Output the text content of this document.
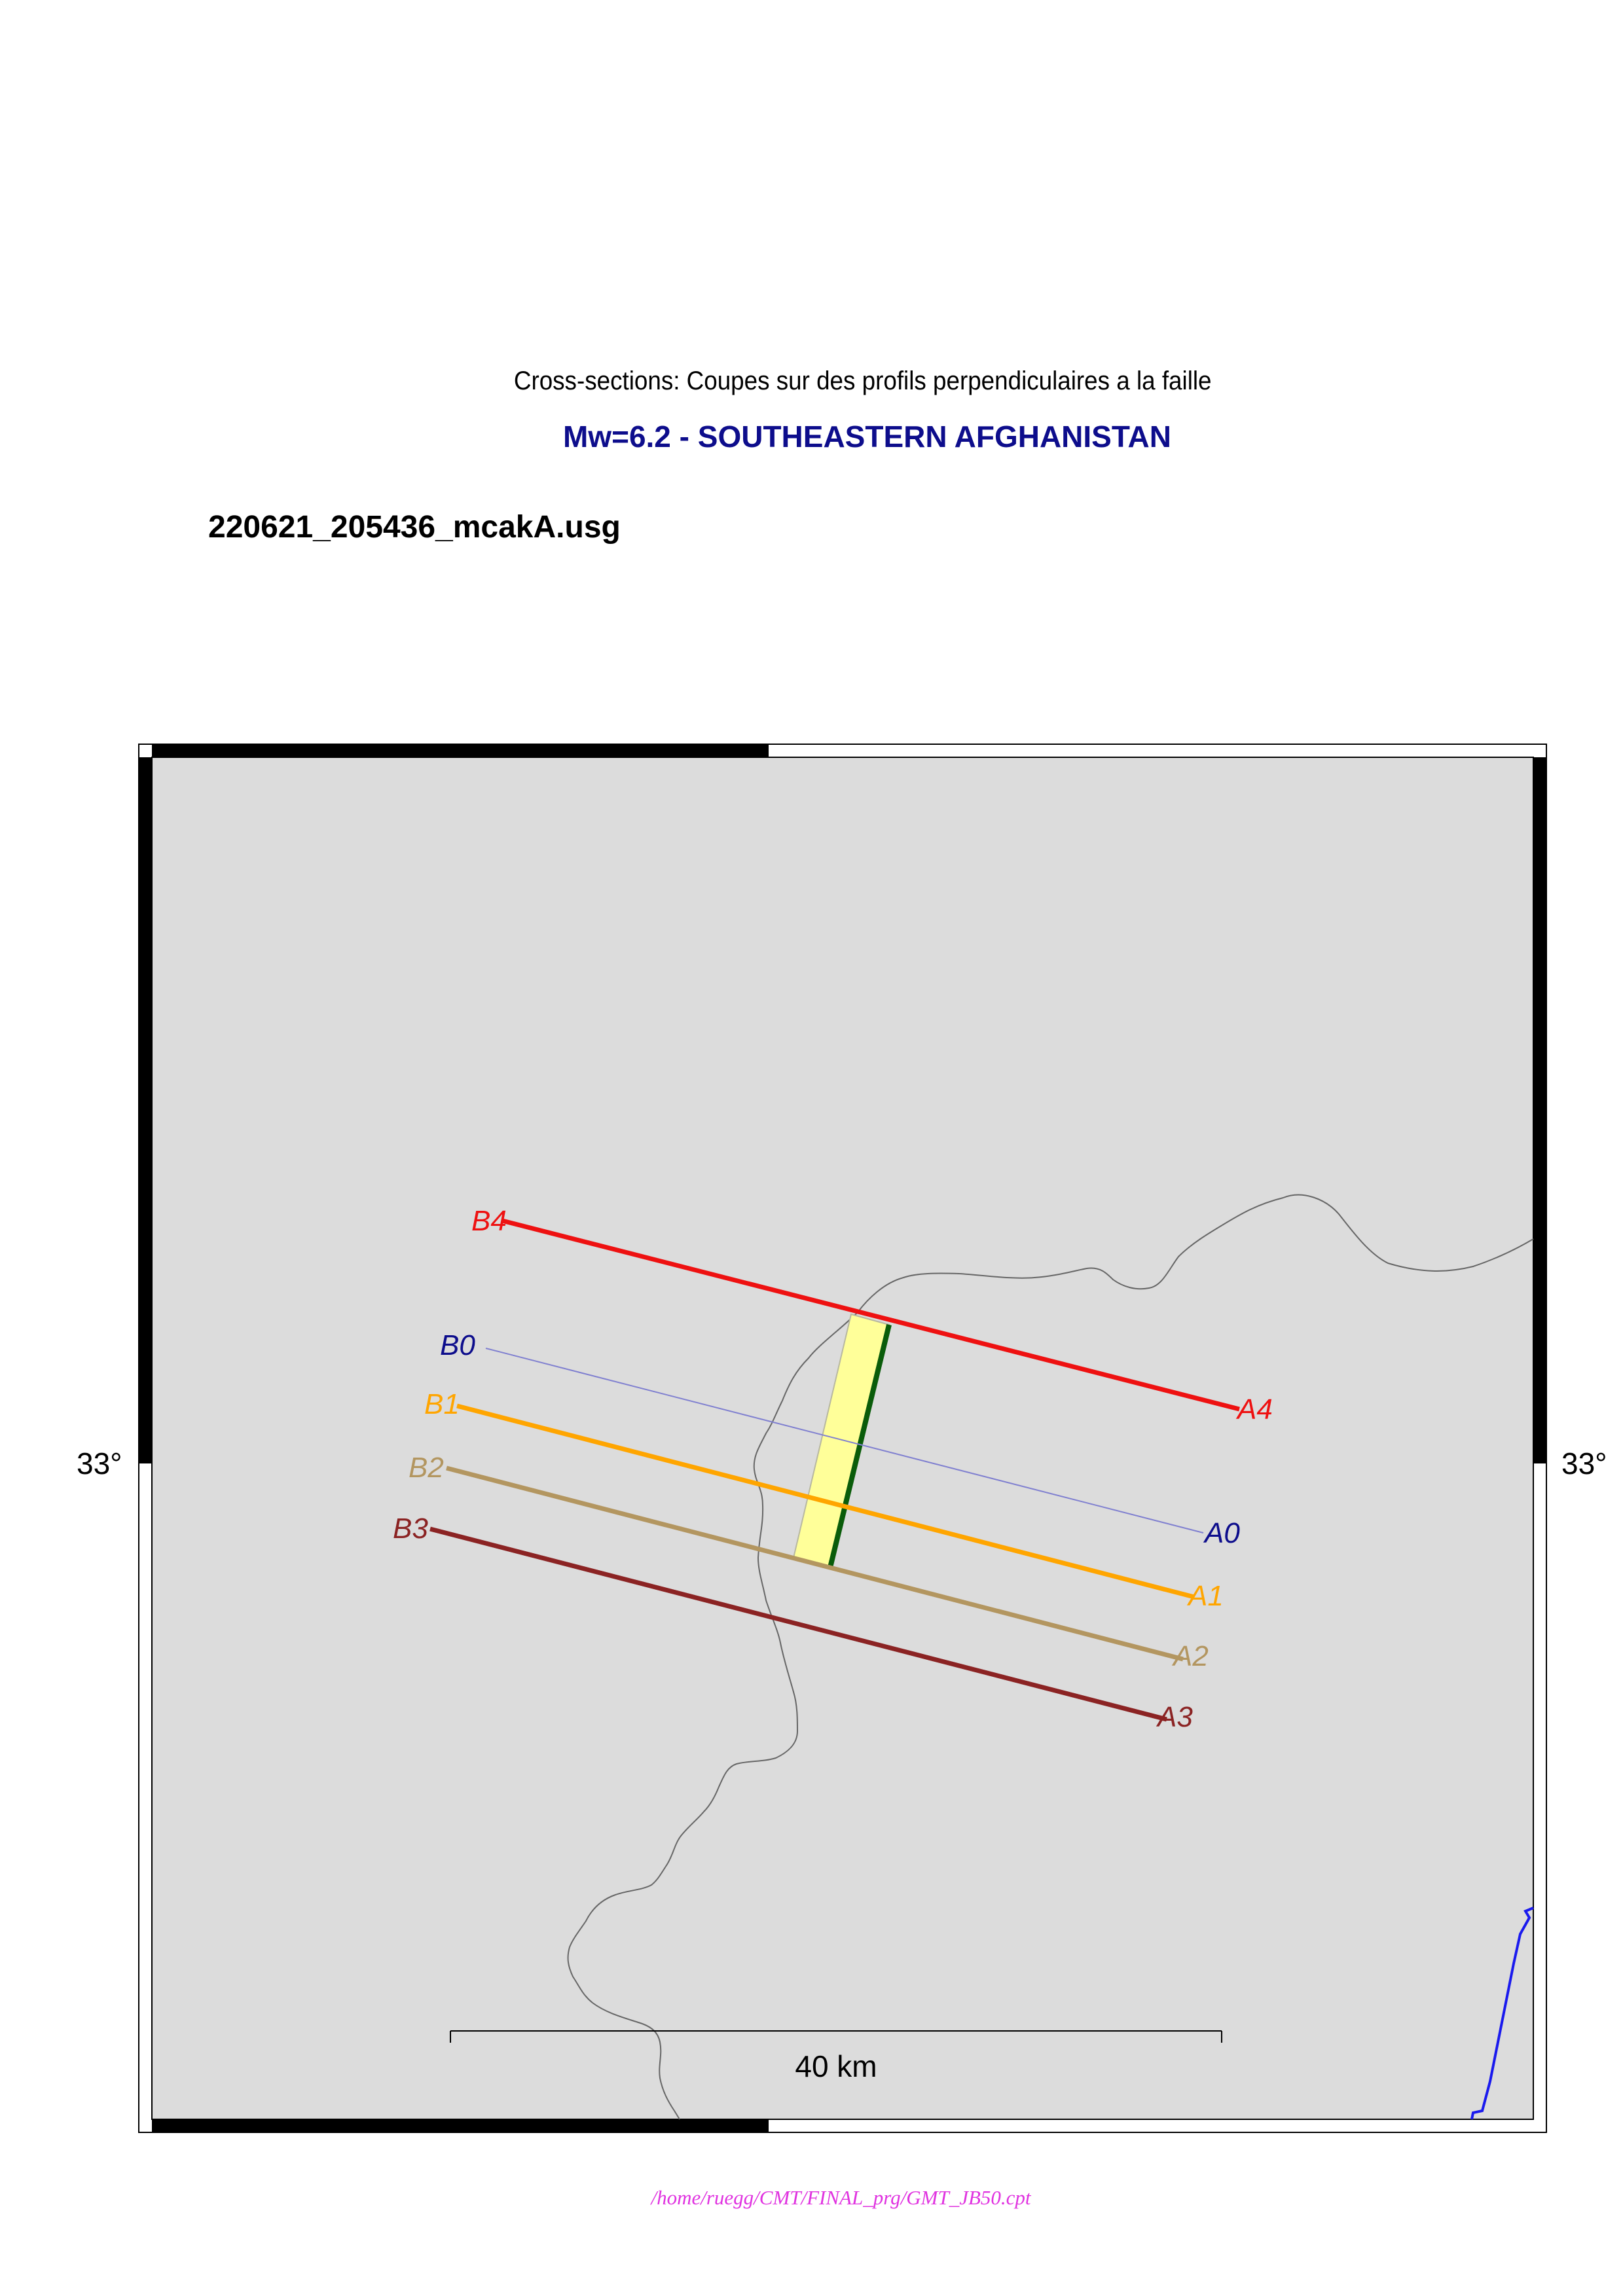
Cross-sections: Coupes sur des profils perpendiculaires a la faille
Mw=6.2 - SOUTHEASTERN AFGHANISTAN
220621_205436_mcakA.usg
B4
A4
B0
A0
B1
A1
B2
A2
B3
A3
33°	33°
40 km
/home/ruegg/CMT/FINAL_prg/GMT_JB50.cpt
